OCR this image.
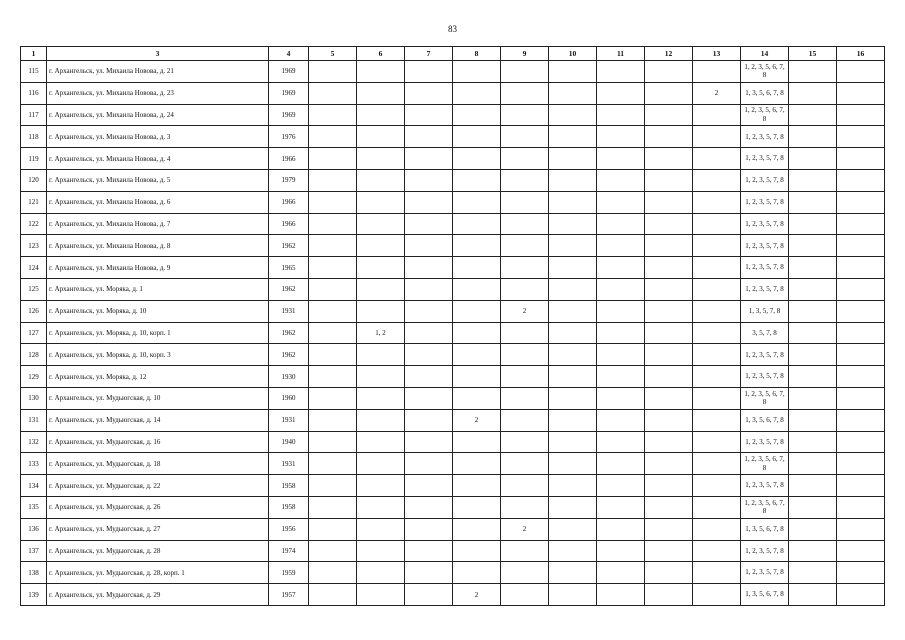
83
1	3	4	5	6	7	8	9	10	11	12	13	14	15	16
115	г. Архангельск, ул. Михаила Новова, д. 21	1969										1, 2, 3, 5, 6, 7, 8		
116	г. Архангельск, ул. Михаила Новова, д. 23	1969									2	1, 3, 5, 6, 7, 8		
117	г. Архангельск, ул. Михаила Новова, д. 24	1969										1, 2, 3, 5, 6, 7, 8		
118	г. Архангельск, ул. Михаила Новова, д. 3	1976										1, 2, 3, 5, 7, 8		
119	г. Архангельск, ул. Михаила Новова, д. 4	1966										1, 2, 3, 5, 7, 8		
120	г. Архангельск, ул. Михаила Новова, д. 5	1979										1, 2, 3, 5, 7, 8		
121	г. Архангельск, ул. Михаила Новова, д. 6	1966										1, 2, 3, 5, 7, 8		
122	г. Архангельск, ул. Михаила Новова, д. 7	1966										1, 2, 3, 5, 7, 8		
123	г. Архангельск, ул. Михаила Новова, д. 8	1962										1, 2, 3, 5, 7, 8		
124	г. Архангельск, ул. Михаила Новова, д. 9	1965										1, 2, 3, 5, 7, 8		
125	г. Архангельск, ул. Моряка, д. 1	1962										1, 2, 3, 5, 7, 8		
126	г. Архангельск, ул. Моряка, д. 10	1931					2					1, 3, 5, 7, 8		
127	г. Архангельск, ул. Моряка, д. 10, корп. 1	1962		1, 2								3, 5, 7, 8		
128	г. Архангельск, ул. Моряка, д. 10, корп. 3	1962										1, 2, 3, 5, 7, 8		
129	г. Архангельск, ул. Моряка, д. 12	1930										1, 2, 3, 5, 7, 8		
130	г. Архангельск, ул. Мудьюгская, д. 10	1960										1, 2, 3, 5, 6, 7, 8		
131	г. Архангельск, ул. Мудьюгская, д. 14	1931				2						1, 3, 5, 6, 7, 8		
132	г. Архангельск, ул. Мудьюгская, д. 16	1940										1, 2, 3, 5, 7, 8		
133	г. Архангельск, ул. Мудьюгская, д. 18	1931										1, 2, 3, 5, 6, 7, 8		
134	г. Архангельск, ул. Мудьюгская, д. 22	1958										1, 2, 3, 5, 7, 8		
135	г. Архангельск, ул. Мудьюгская, д. 26	1958										1, 2, 3, 5, 6, 7, 8		
136	г. Архангельск, ул. Мудьюгская, д. 27	1956					2					1, 3, 5, 6, 7, 8		
137	г. Архангельск, ул. Мудьюгская, д. 28	1974										1, 2, 3, 5, 7, 8		
138	г. Архангельск, ул. Мудьюгская, д. 28, корп. 1	1959										1, 2, 3, 5, 7, 8		
139	г. Архангельск, ул. Мудьюгская, д. 29	1957				2						1, 3, 5, 6, 7, 8		
